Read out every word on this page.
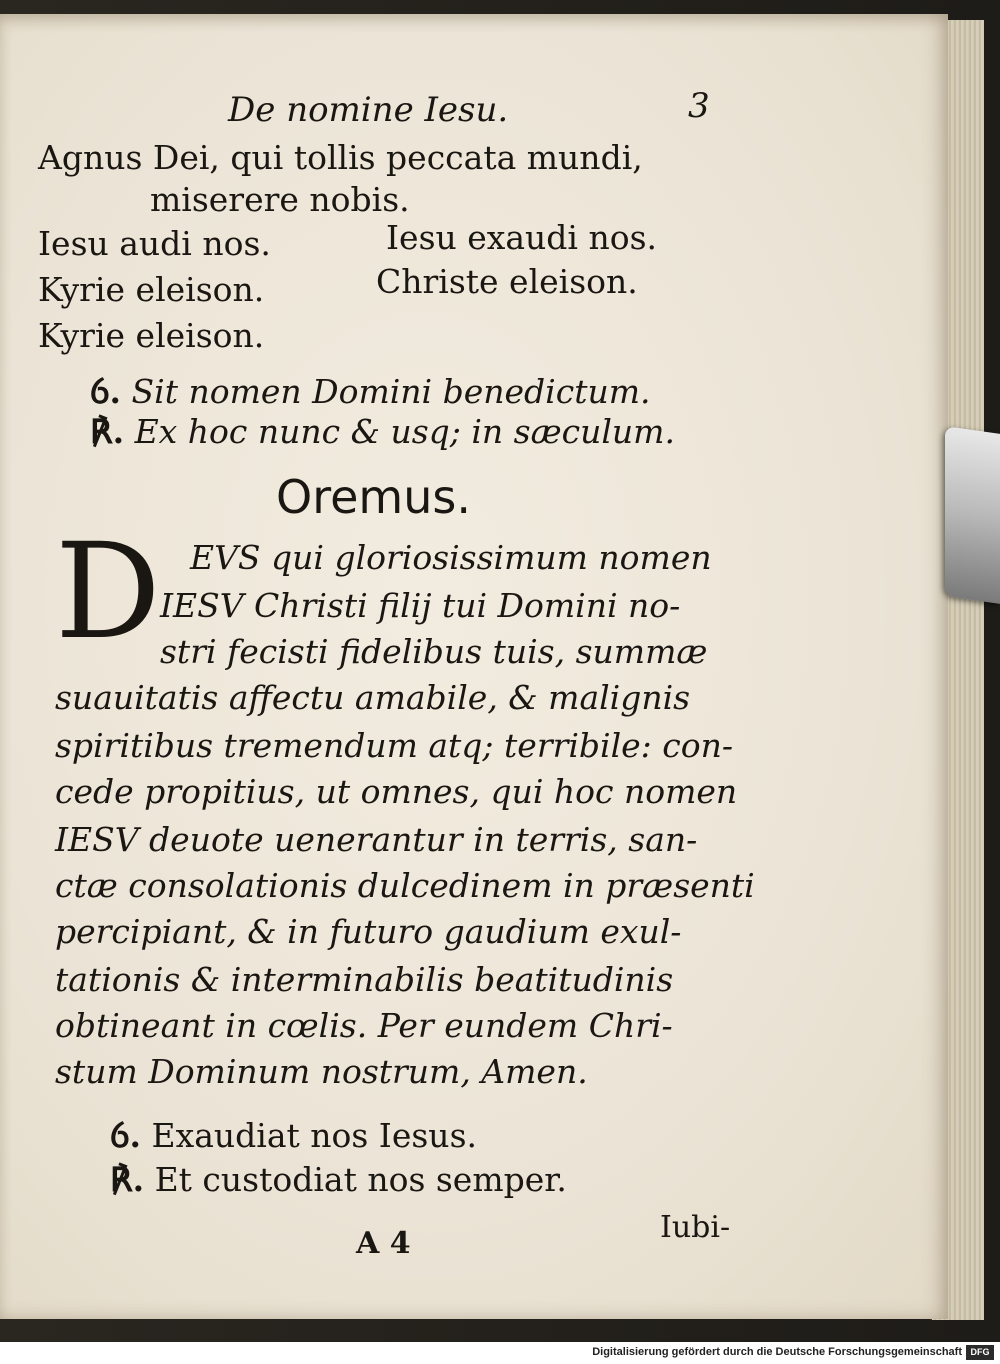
De nomine Iesu.	3
Agnus Dei, qui tollis peccata mundi,
miserere nobis.
Iesu audi nos.	Iesu exaudi nos.
Kyrie eleison.	Christe eleison.
Kyrie eleison.
ỽ. Sit nomen Domini benedictum.
℟. Ex hoc nunc & usq; in sæculum.
Oremus.
D EVS qui gloriosissimum nomen
IESV Christi filij tui Domini no-
stri fecisti fidelibus tuis, summæ
suauitatis affectu amabile, & malignis
spiritibus tremendum atq; terribile: con-
cede propitius, ut omnes, qui hoc nomen
IESV deuote uenerantur in terris, san-
ctæ consolationis dulcedinem in præsenti
percipiant, & in futuro gaudium exul-
tationis & interminabilis beatitudinis
obtineant in cœlis. Per eundem Chri-
stum Dominum nostrum, Amen.
ỽ. Exaudiat nos Iesus.
℟. Et custodiat nos semper.
A 4	Iubi-
Digitalisierung gefördert durch die Deutsche Forschungsgemeinschaft DFG
